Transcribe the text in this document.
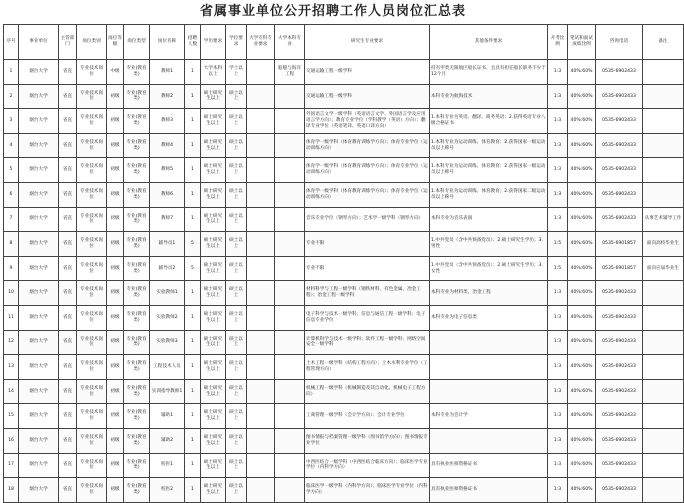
省属事业单位公开招聘工作人员岗位汇总表
序号	事业单位	主管部门	岗位类别	岗位等级	岗位类型	岗位名称	招聘人数	学历要求	学位要求	大学专科专业要求	大学本科专业	研究生专业要求	其他条件要求	开考比例	笔试和面试成绩比例	咨询电话	备注
1	烟台大学	省直	专业技术岗位	中级	专业(教育类)	教师1	1	大学本科以上	学士以上		船舶与海洋工程	交通运输工程一级学科	持有甲类无限航区船长证书，且具有担任船长职务不少于12个月	1:3	40%:60%	0535-6902433	
2	烟台大学	省直	专业技术岗位	初级	专业(教育类)	教师2	1	硕士研究生以上	硕士以上			交通运输工程一级学科	本科专业为航海技术	1:3	40%:60%	0535-6902433	
3	烟台大学	省直	专业技术岗位	初级	专业(教育类)	教师3	1	硕士研究生以上	硕士以上			外国语言文学一级学科（英语语言文学、外国语言学及应用语言学方向）；教育专业学位（学科教学（英语）方向）；翻译专业学位（英语笔译、英语口译方向）	1.本科专业为英语、翻译、商务英语；2.获得英语专业八级合格证书	1:3	40%:60%	0535-6902433	
4	烟台大学	省直	专业技术岗位	初级	专业(教育类)	教师4	1	硕士研究生以上	硕士以上			体育学一级学科（体育教育训练学方向）；体育专业学位（运动训练方向）	1.本科专业为运动训练、体育教育；2.获得国家一级运动员以上称号	1:3	40%:60%	0535-6902433	
5	烟台大学	省直	专业技术岗位	初级	专业(教育类)	教师5	1	硕士研究生以上	硕士以上			体育学一级学科（体育教育训练学方向）；体育专业学位（运动训练方向）	1.本科专业为运动训练、体育教育；2.获得国家一级运动员以上称号	1:3	40%:60%	0535-6902433	
6	烟台大学	省直	专业技术岗位	初级	专业(教育类)	教师6	1	硕士研究生以上	硕士以上			体育学一级学科（体育教育训练学方向）；体育专业学位（运动训练方向）	1.本科专业为运动训练、体育教育；2.获得国家二级运动员以上称号	1:3	40%:60%	0535-6902433	
7	烟台大学	省直	专业技术岗位	初级	专业(教育类)	教师7	1	硕士研究生以上	硕士以上			音乐专业学位（钢琴方向）；艺术学一级学科（钢琴方向）	本科专业为音乐表演	1:3	40%:60%	0535-6902433	从事艺术辅导工作
8	烟台大学	省直	专业技术岗位	初级	专业(教育类)	辅导员1	5	硕士研究生以上	硕士以上			专业不限	1.中共党员（含中共预备党员）；2.硕士研究生学历；3.男性	1:5	40%:60%	0535-6901857	面向高校毕业生
9	烟台大学	省直	专业技术岗位	初级	专业(教育类)	辅导员2	5	硕士研究生以上	硕士以上			专业不限	1.中共党员（含中共预备党员）；2.硕士研究生学历；3.女性	1:5	40%:60%	0535-6901857	面向应届毕业生
10	烟台大学	省直	专业技术岗位	初级	专业(教育类)	实验教师1	1	硕士研究生以上	硕士以上			材料科学与工程一级学科（钢铁材料、有色金属、冶金工程）；冶金工程一级学科	本科专业为材料类、冶金工程	1:3	40%:60%	0535-6902433	
11	烟台大学	省直	专业技术岗位	初级	专业(教育类)	实验教师2	1	硕士研究生以上	硕士以上			电子科学与技术一级学科；信息与通信工程一级学科；电子信息专业学位	本科专业为电子信息类	1:3	40%:60%	0535-6902433	
12	烟台大学	省直	专业技术岗位	初级	专业(教育类)	实验教师3	1	硕士研究生以上	硕士以上			计算机科学与技术一级学科；软件工程一级学科；网络空间安全一级学科		1:3	40%:60%	0535-6902433	
13	烟台大学	省直	专业技术岗位	初级	专业(教育类)	工程技术人员	1	硕士研究生以上	硕士以上			土木工程一级学科（结构工程方向）；土木水利专业学位（工程管理方向）		1:3	40%:60%	0535-6902433	
14	烟台大学	省直	专业技术岗位	初级	专业(教育类)	实训指导教师1	1	硕士研究生以上	硕士以上			机械工程一级学科（机械制造及其自动化、机械电子工程方向）		1:3	40%:60%	0535-6902433	
15	烟台大学	省直	专业技术岗位	初级	专业(教育类)	辅助1	1	硕士研究生以上	硕士以上			工商管理一级学科（会计学方向）；会计专业学位	本科专业为会计学	1:3	40%:60%	0535-6902433	
16	烟台大学	省直	专业技术岗位	初级	专业(教育类)	辅助2	1	硕士研究生以上	硕士以上			图书情报与档案管理一级学科（图书馆学方向）；图书情报专业学位		1:3	40%:60%	0535-6902433	
17	烟台大学	省直	专业技术岗位	初级	专业(教育类)	校医1	1	硕士研究生以上	硕士以上			中西医结合一级学科（中西医结合临床方向）；临床医学专业学位（内科学方向）	具有执业医师资格证书	1:3	40%:60%	0535-6902433	
18	烟台大学	省直	专业技术岗位	初级	专业(教育类)	校医2	1	硕士研究生以上	硕士以上			临床医学一级学科（内科学方向）；临床医学专业学位（内科学方向）	具有执业医师资格证书	1:3	40%:60%	0535-6902433	
